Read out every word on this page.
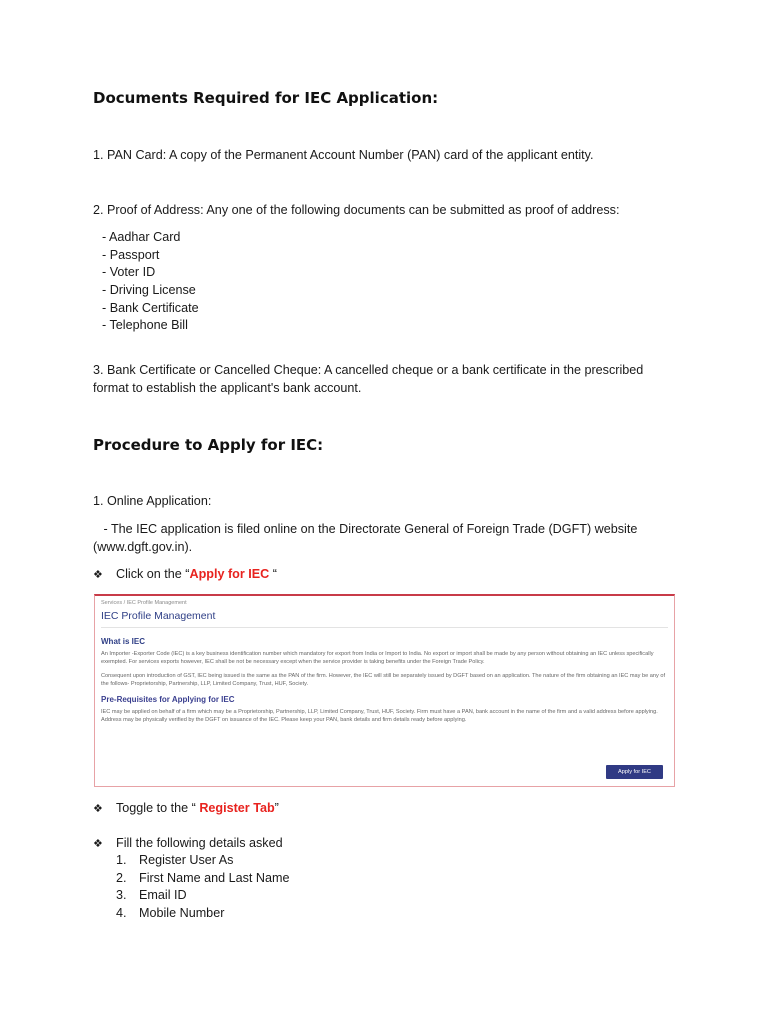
Documents Required for IEC Application:
1. PAN Card: A copy of the Permanent Account Number (PAN) card of the applicant entity.
2. Proof of Address: Any one of the following documents can be submitted as proof of address:
- Aadhar Card
- Passport
- Voter ID
- Driving License
- Bank Certificate
- Telephone Bill
3. Bank Certificate or Cancelled Cheque: A cancelled cheque or a bank certificate in the prescribed
format to establish the applicant's bank account.
Procedure to Apply for IEC:
1. Online Application:
- The IEC application is filed online on the Directorate General of Foreign Trade (DGFT) website
(www.dgft.gov.in).
❖ Click on the “Apply for IEC “
Services / IEC Profile Management
IEC Profile Management
What is IEC

An Importer -Exporter Code (IEC) is a key business identification number which mandatory for export from India or Import to India. No export or import shall be made by any person without obtaining an IEC unless specifically exempted. For services exports however, IEC shall be not be necessary except when the service provider is taking benefits under the Foreign Trade Policy.

Consequent upon introduction of GST, IEC being issued is the same as the PAN of the firm. However, the IEC will still be separately issued by DGFT based on an application. The nature of the firm obtaining an IEC may be any of the follows- Proprietorship, Partnership, LLP, Limited Company, Trust, HUF, Society.

Pre-Requisites for Applying for IEC

IEC may be applied on behalf of a firm which may be a Proprietorship, Partnership, LLP, Limited Company, Trust, HUF, Society. Firm must have a PAN, bank account in the name of the firm and a valid address before applying. Address may be physically verified by the DGFT on issuance of the IEC. Please keep your PAN, bank details and firm details ready before applying.

Apply for IEC
❖ Toggle to the “ Register Tab”
❖ Fill the following details asked
1. Register User As
2. First Name and Last Name
3. Email ID
4. Mobile Number
